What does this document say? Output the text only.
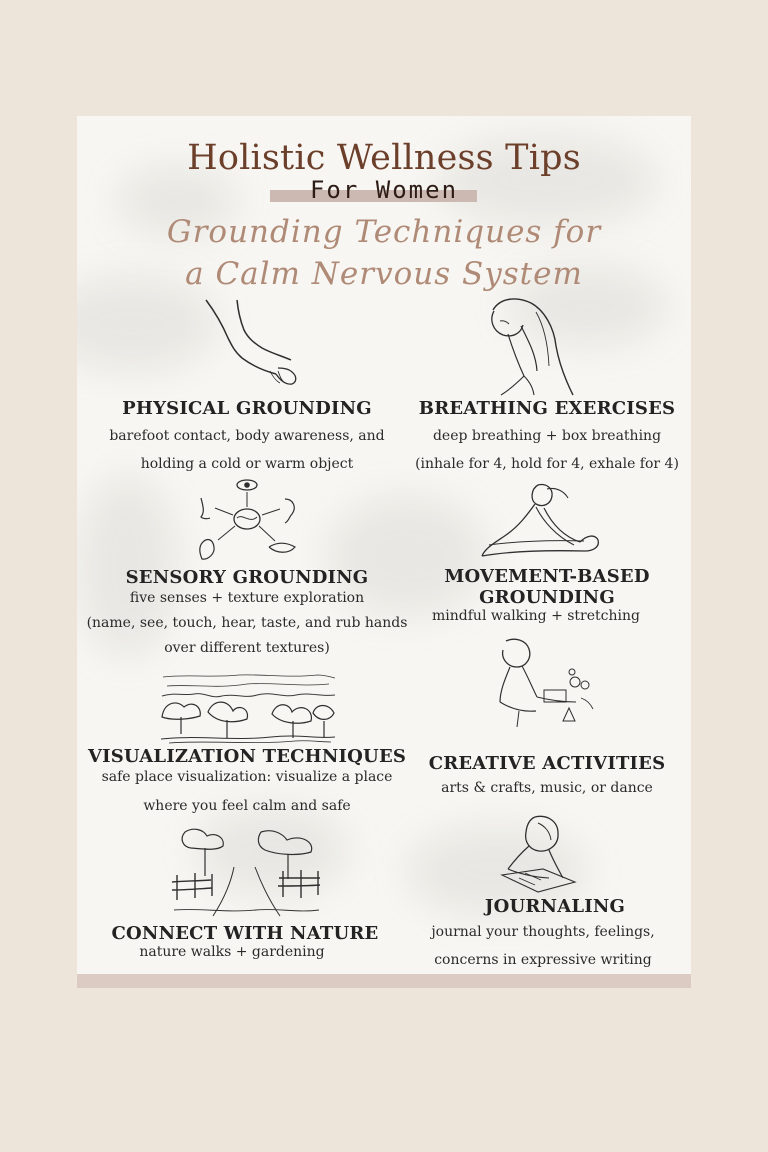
Holistic Wellness Tips
For Women
Grounding Techniques for
a Calm Nervous System
PHYSICAL GROUNDING
barefoot contact, body awareness, and
holding a cold or warm object
SENSORY GROUNDING
five senses + texture exploration
(name, see, touch, hear, taste, and rub hands
over different textures)
VISUALIZATION TECHNIQUES
safe place visualization: visualize a place
where you feel calm and safe
CONNECT WITH NATURE
nature walks + gardening
BREATHING EXERCISES
deep breathing + box breathing
(inhale for 4, hold for 4, exhale for 4)
MOVEMENT-BASED
GROUNDING
mindful walking + stretching
CREATIVE ACTIVITIES
arts & crafts, music, or dance
JOURNALING
journal your thoughts, feelings,
concerns in expressive writing
